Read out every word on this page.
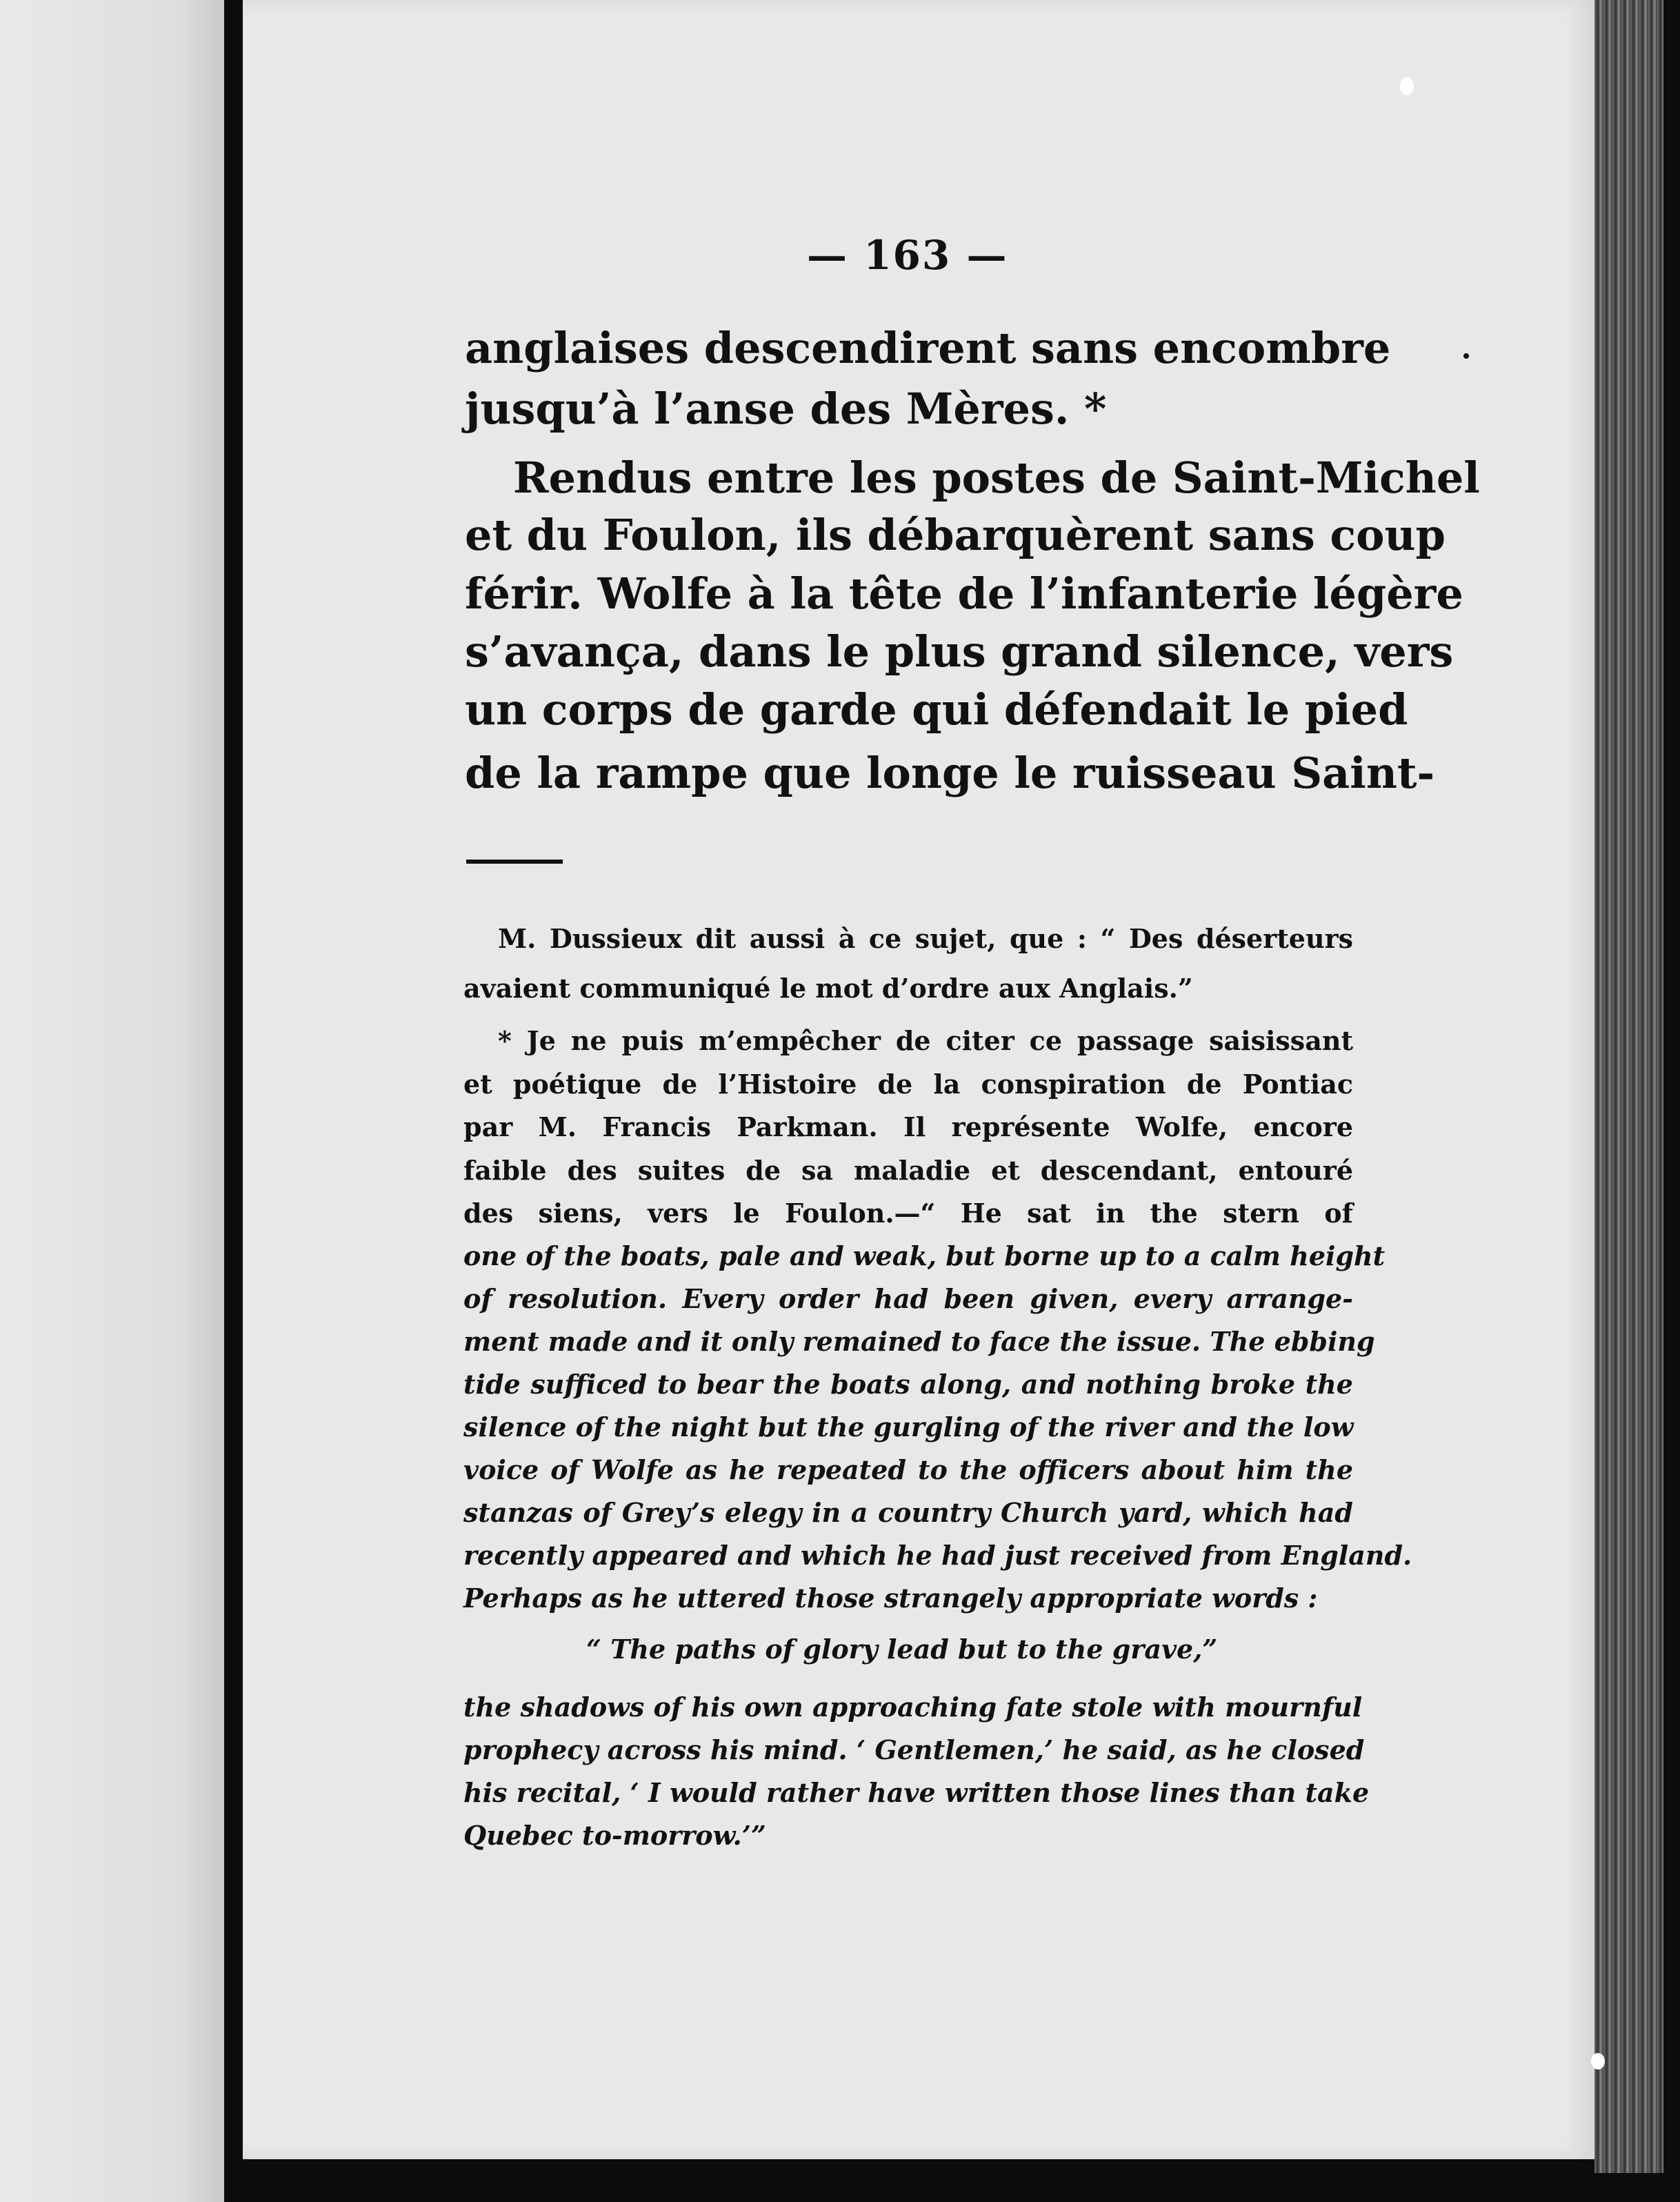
— 163 —

anglaises descendirent sans encombre

jusqu’à l’anse des Mères. *

Rendus entre les postes de Saint-Michel

et du Foulon, ils débarquèrent sans coup

férir. Wolfe à la tête de l’infanterie légère

s’avança, dans le plus grand silence, vers

un corps de garde qui défendait le pied

de la rampe que longe le ruisseau Saint-

M. Dussieux dit aussi à ce sujet, que : “ Des déserteurs

avaient communiqué le mot d’ordre aux Anglais.”

* Je ne puis m’empêcher de citer ce passage saisissant

et poétique de l’Histoire de la conspiration de Pontiac

par M. Francis Parkman. Il représente Wolfe, encore

faible des suites de sa maladie et descendant, entouré

des siens, vers le Foulon.—“ He sat in the stern of

one of the boats, pale and weak, but borne up to a calm height

of resolution. Every order had been given, every arrange-

ment made and it only remained to face the issue. The ebbing

tide sufficed to bear the boats along, and nothing broke the

silence of the night but the gurgling of the river and the low

voice of Wolfe as he repeated to the officers about him the

stanzas of Grey’s elegy in a country Church yard, which had

recently appeared and which he had just received from England.

Perhaps as he uttered those strangely appropriate words :

“ The paths of glory lead but to the grave,”

the shadows of his own approaching fate stole with mournful

prophecy across his mind. ‘ Gentlemen,’ he said, as he closed

his recital, ‘ I would rather have written those lines than take

Quebec to-morrow.’”
